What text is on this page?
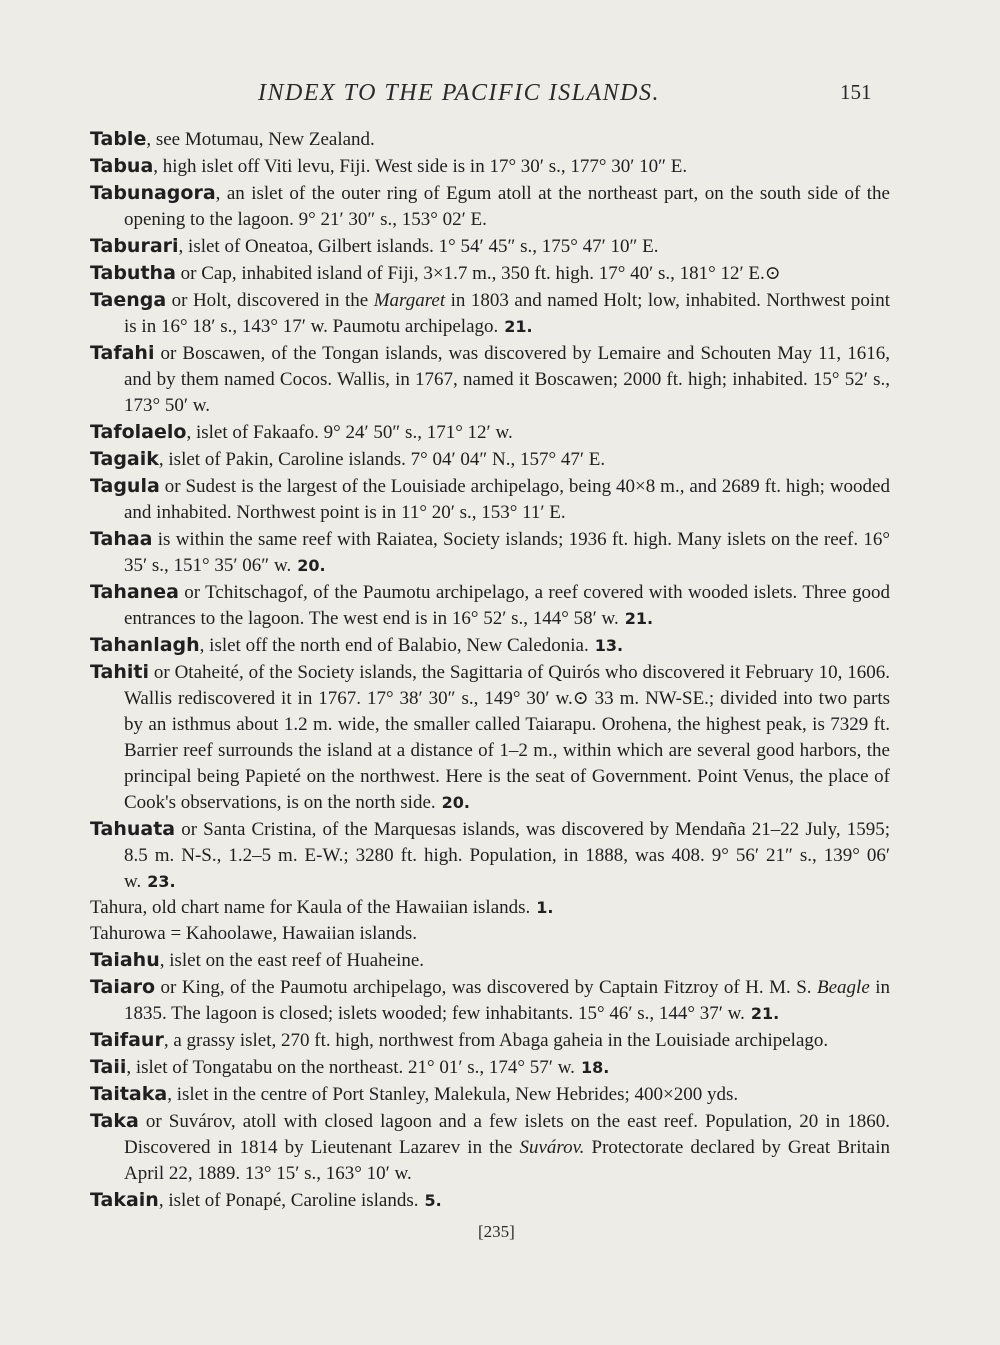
INDEX TO THE PACIFIC ISLANDS.	151

Table, see Motumau, New Zealand.

Tabua, high islet off Viti levu, Fiji. West side is in 17° 30′ s., 177° 30′ 10″ E.

Tabunagora, an islet of the outer ring of Egum atoll at the northeast part, on the south side of the opening to the lagoon. 9° 21′ 30″ s., 153° 02′ E.

Taburari, islet of Oneatoa, Gilbert islands. 1° 54′ 45″ s., 175° 47′ 10″ E.

Tabutha or Cap, inhabited island of Fiji, 3×1.7 m., 350 ft. high. 17° 40′ s., 181° 12′ E.⊙

Taenga or Holt, discovered in the Margaret in 1803 and named Holt; low, inhabited. Northwest point is in 16° 18′ s., 143° 17′ w. Paumotu archipelago. 21.

Tafahi or Boscawen, of the Tongan islands, was discovered by Lemaire and Schouten May 11, 1616, and by them named Cocos. Wallis, in 1767, named it Boscawen; 2000 ft. high; inhabited. 15° 52′ s., 173° 50′ w.

Tafolaelo, islet of Fakaafo. 9° 24′ 50″ s., 171° 12′ w.

Tagaik, islet of Pakin, Caroline islands. 7° 04′ 04″ N., 157° 47′ E.

Tagula or Sudest is the largest of the Louisiade archipelago, being 40×8 m., and 2689 ft. high; wooded and inhabited. Northwest point is in 11° 20′ s., 153° 11′ E.

Tahaa is within the same reef with Raiatea, Society islands; 1936 ft. high. Many islets on the reef. 16° 35′ s., 151° 35′ 06″ w. 20.

Tahanea or Tchitschagof, of the Paumotu archipelago, a reef covered with wooded islets. Three good entrances to the lagoon. The west end is in 16° 52′ s., 144° 58′ w. 21.

Tahanlagh, islet off the north end of Balabio, New Caledonia. 13.

Tahiti or Otaheité, of the Society islands, the Sagittaria of Quirós who discovered it February 10, 1606. Wallis rediscovered it in 1767. 17° 38′ 30″ s., 149° 30′ w.⊙ 33 m. NW-SE.; divided into two parts by an isthmus about 1.2 m. wide, the smaller called Taiarapu. Orohena, the highest peak, is 7329 ft. Barrier reef surrounds the island at a distance of 1–2 m., within which are several good harbors, the principal being Papieté on the northwest. Here is the seat of Government. Point Venus, the place of Cook's observations, is on the north side. 20.

Tahuata or Santa Cristina, of the Marquesas islands, was discovered by Mendaña 21–22 July, 1595; 8.5 m. N-S., 1.2–5 m. E-W.; 3280 ft. high. Population, in 1888, was 408. 9° 56′ 21″ s., 139° 06′ w. 23.

Tahura, old chart name for Kaula of the Hawaiian islands. 1.

Tahurowa = Kahoolawe, Hawaiian islands.

Taiahu, islet on the east reef of Huaheine.

Taiaro or King, of the Paumotu archipelago, was discovered by Captain Fitzroy of H. M. S. Beagle in 1835. The lagoon is closed; islets wooded; few inhabitants. 15° 46′ s., 144° 37′ w. 21.

Taifaur, a grassy islet, 270 ft. high, northwest from Abaga gaheia in the Louisiade archipelago.

Taii, islet of Tongatabu on the northeast. 21° 01′ s., 174° 57′ w. 18.

Taitaka, islet in the centre of Port Stanley, Malekula, New Hebrides; 400×200 yds.

Taka or Suvárov, atoll with closed lagoon and a few islets on the east reef. Population, 20 in 1860. Discovered in 1814 by Lieutenant Lazarev in the Suvárov. Protectorate declared by Great Britain April 22, 1889. 13° 15′ s., 163° 10′ w.

Takain, islet of Ponapé, Caroline islands. 5.

[235]
